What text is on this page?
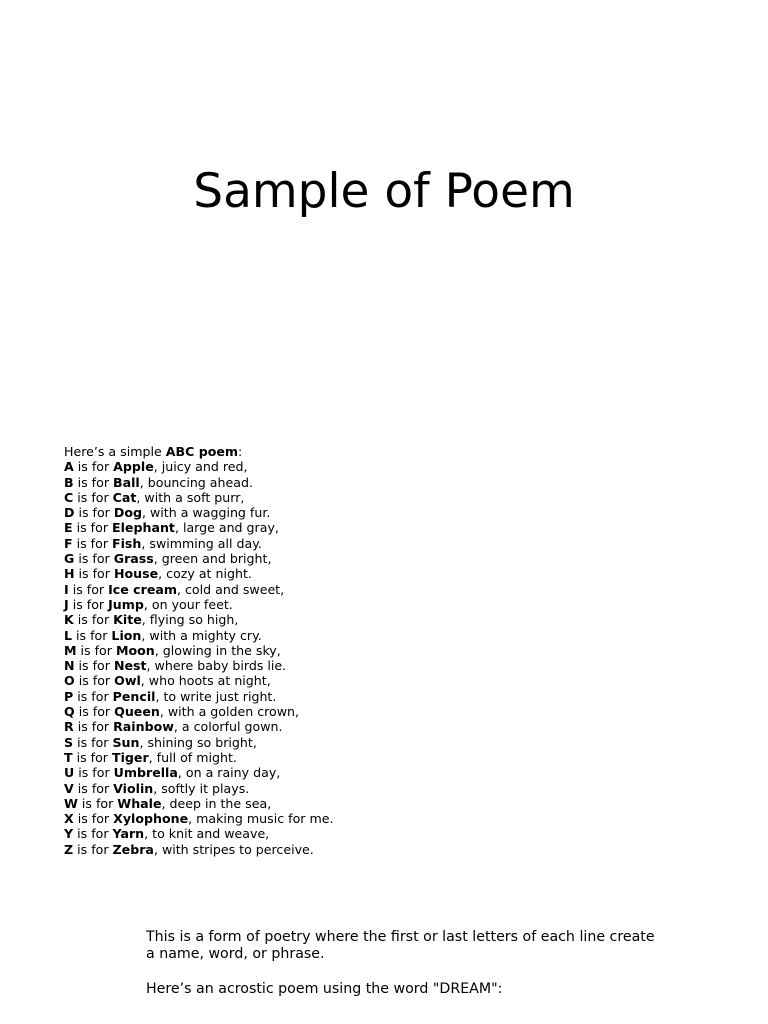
Sample of Poem
Here’s a simple ABC poem:
A is for Apple, juicy and red,
B is for Ball, bouncing ahead.
C is for Cat, with a soft purr,
D is for Dog, with a wagging fur.
E is for Elephant, large and gray,
F is for Fish, swimming all day.
G is for Grass, green and bright,
H is for House, cozy at night.
I is for Ice cream, cold and sweet,
J is for Jump, on your feet.
K is for Kite, flying so high,
L is for Lion, with a mighty cry.
M is for Moon, glowing in the sky,
N is for Nest, where baby birds lie.
O is for Owl, who hoots at night,
P is for Pencil, to write just right.
Q is for Queen, with a golden crown,
R is for Rainbow, a colorful gown.
S is for Sun, shining so bright,
T is for Tiger, full of might.
U is for Umbrella, on a rainy day,
V is for Violin, softly it plays.
W is for Whale, deep in the sea,
X is for Xylophone, making music for me.
Y is for Yarn, to knit and weave,
Z is for Zebra, with stripes to perceive.

This is a form of poetry where the first or last letters of each line create a name, word, or phrase.

Here’s an acrostic poem using the word "DREAM":
